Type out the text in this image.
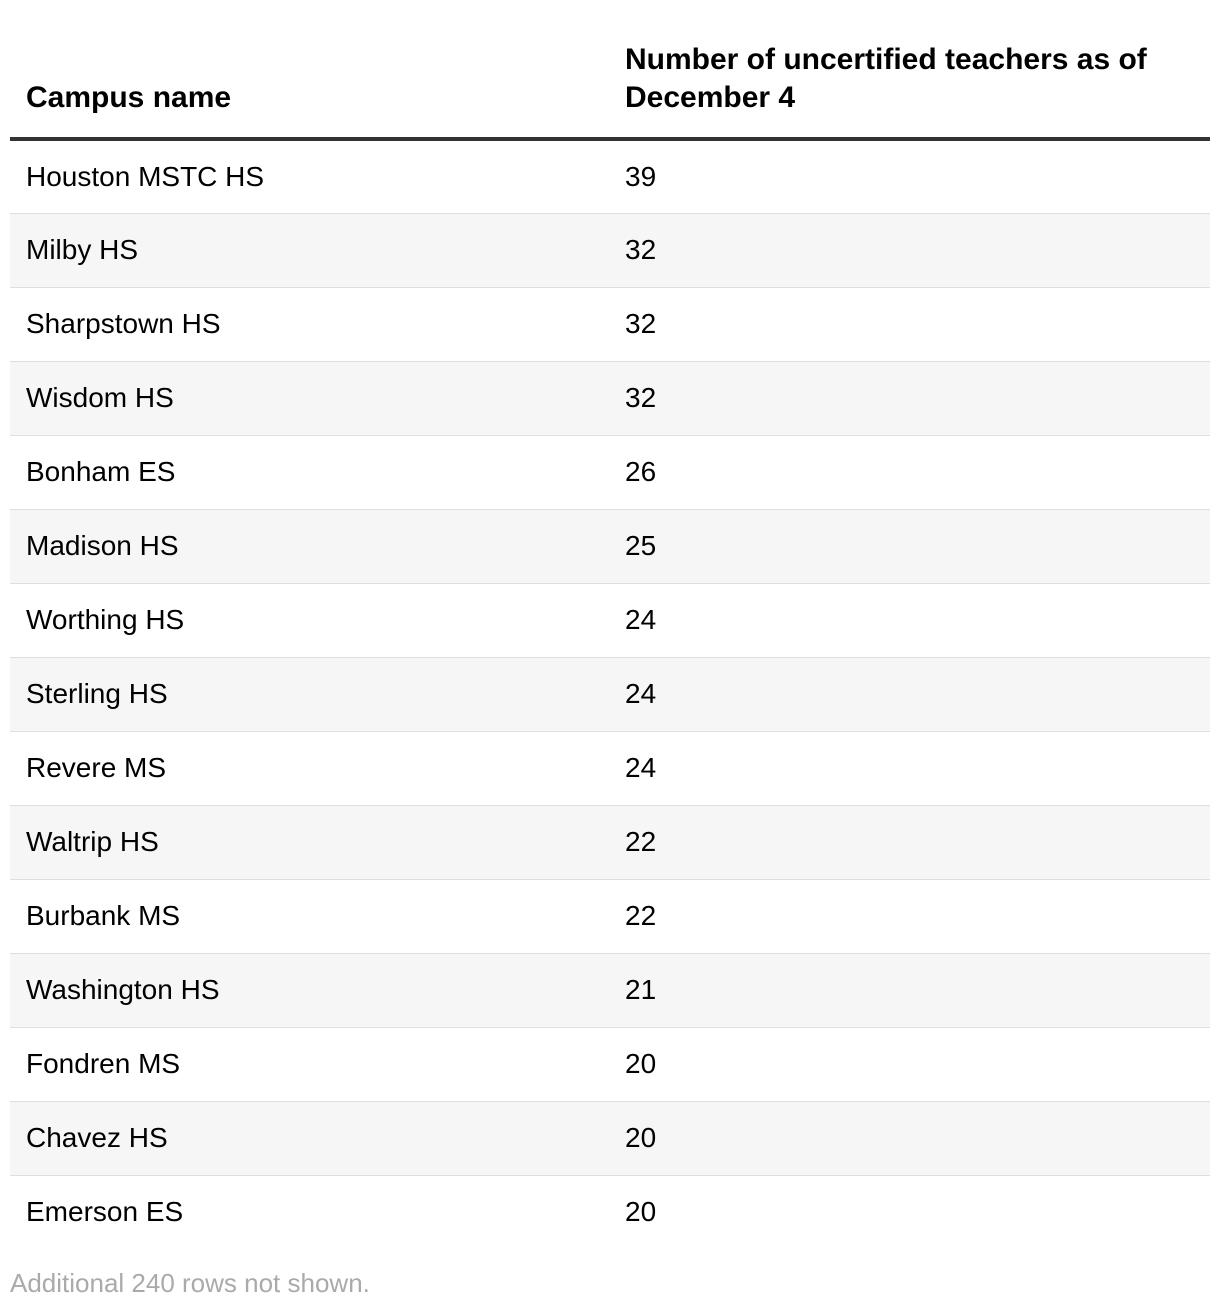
Campus name	Number of uncertified teachers as of December 4
Houston MSTC HS	39
Milby HS	32
Sharpstown HS	32
Wisdom HS	32
Bonham ES	26
Madison HS	25
Worthing HS	24
Sterling HS	24
Revere MS	24
Waltrip HS	22
Burbank MS	22
Washington HS	21
Fondren MS	20
Chavez HS	20
Emerson ES	20
Additional 240 rows not shown.
